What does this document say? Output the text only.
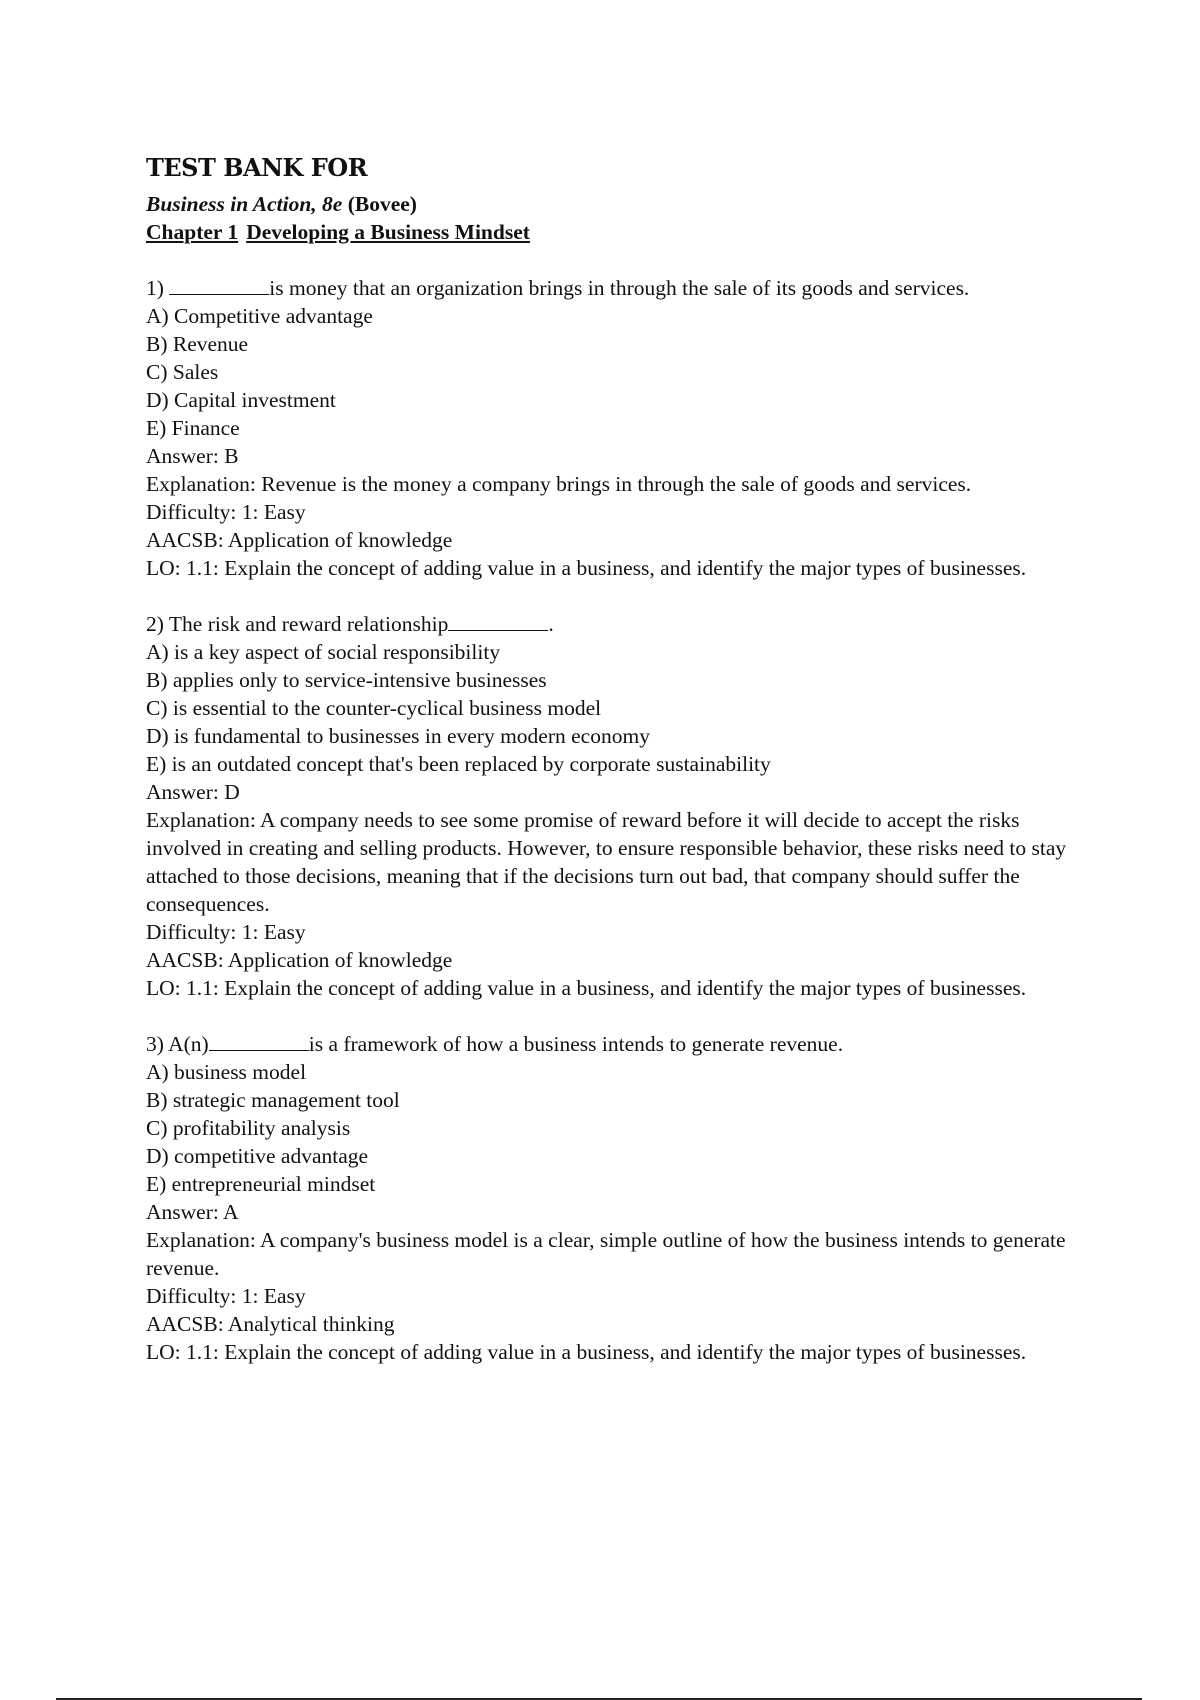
TEST BANK FOR

Business in Action, 8e (Bovee)

Chapter 1 Developing a Business Mindset

1)	is money that an organization brings in through the sale of its goods and services.

A) Competitive advantage

B) Revenue

C) Sales

D) Capital investment

E) Finance

Answer: B

Explanation: Revenue is the money a company brings in through the sale of goods and services.

Difficulty: 1: Easy

AACSB: Application of knowledge

LO: 1.1: Explain the concept of adding value in a business, and identify the major types of businesses.

2) The risk and reward relationship	.

A) is a key aspect of social responsibility

B) applies only to service-intensive businesses

C) is essential to the counter-cyclical business model

D) is fundamental to businesses in every modern economy

E) is an outdated concept that's been replaced by corporate sustainability

Answer: D

Explanation: A company needs to see some promise of reward before it will decide to accept the risks involved in creating and selling products. However, to ensure responsible behavior, these risks need to stay attached to those decisions, meaning that if the decisions turn out bad, that company should suffer the consequences.

Difficulty: 1: Easy

AACSB: Application of knowledge

LO: 1.1: Explain the concept of adding value in a business, and identify the major types of businesses.

3) A(n)	is a framework of how a business intends to generate revenue.

A) business model

B) strategic management tool

C) profitability analysis

D) competitive advantage

E) entrepreneurial mindset

Answer: A

Explanation: A company's business model is a clear, simple outline of how the business intends to generate revenue.

Difficulty: 1: Easy

AACSB: Analytical thinking

LO: 1.1: Explain the concept of adding value in a business, and identify the major types of businesses.
